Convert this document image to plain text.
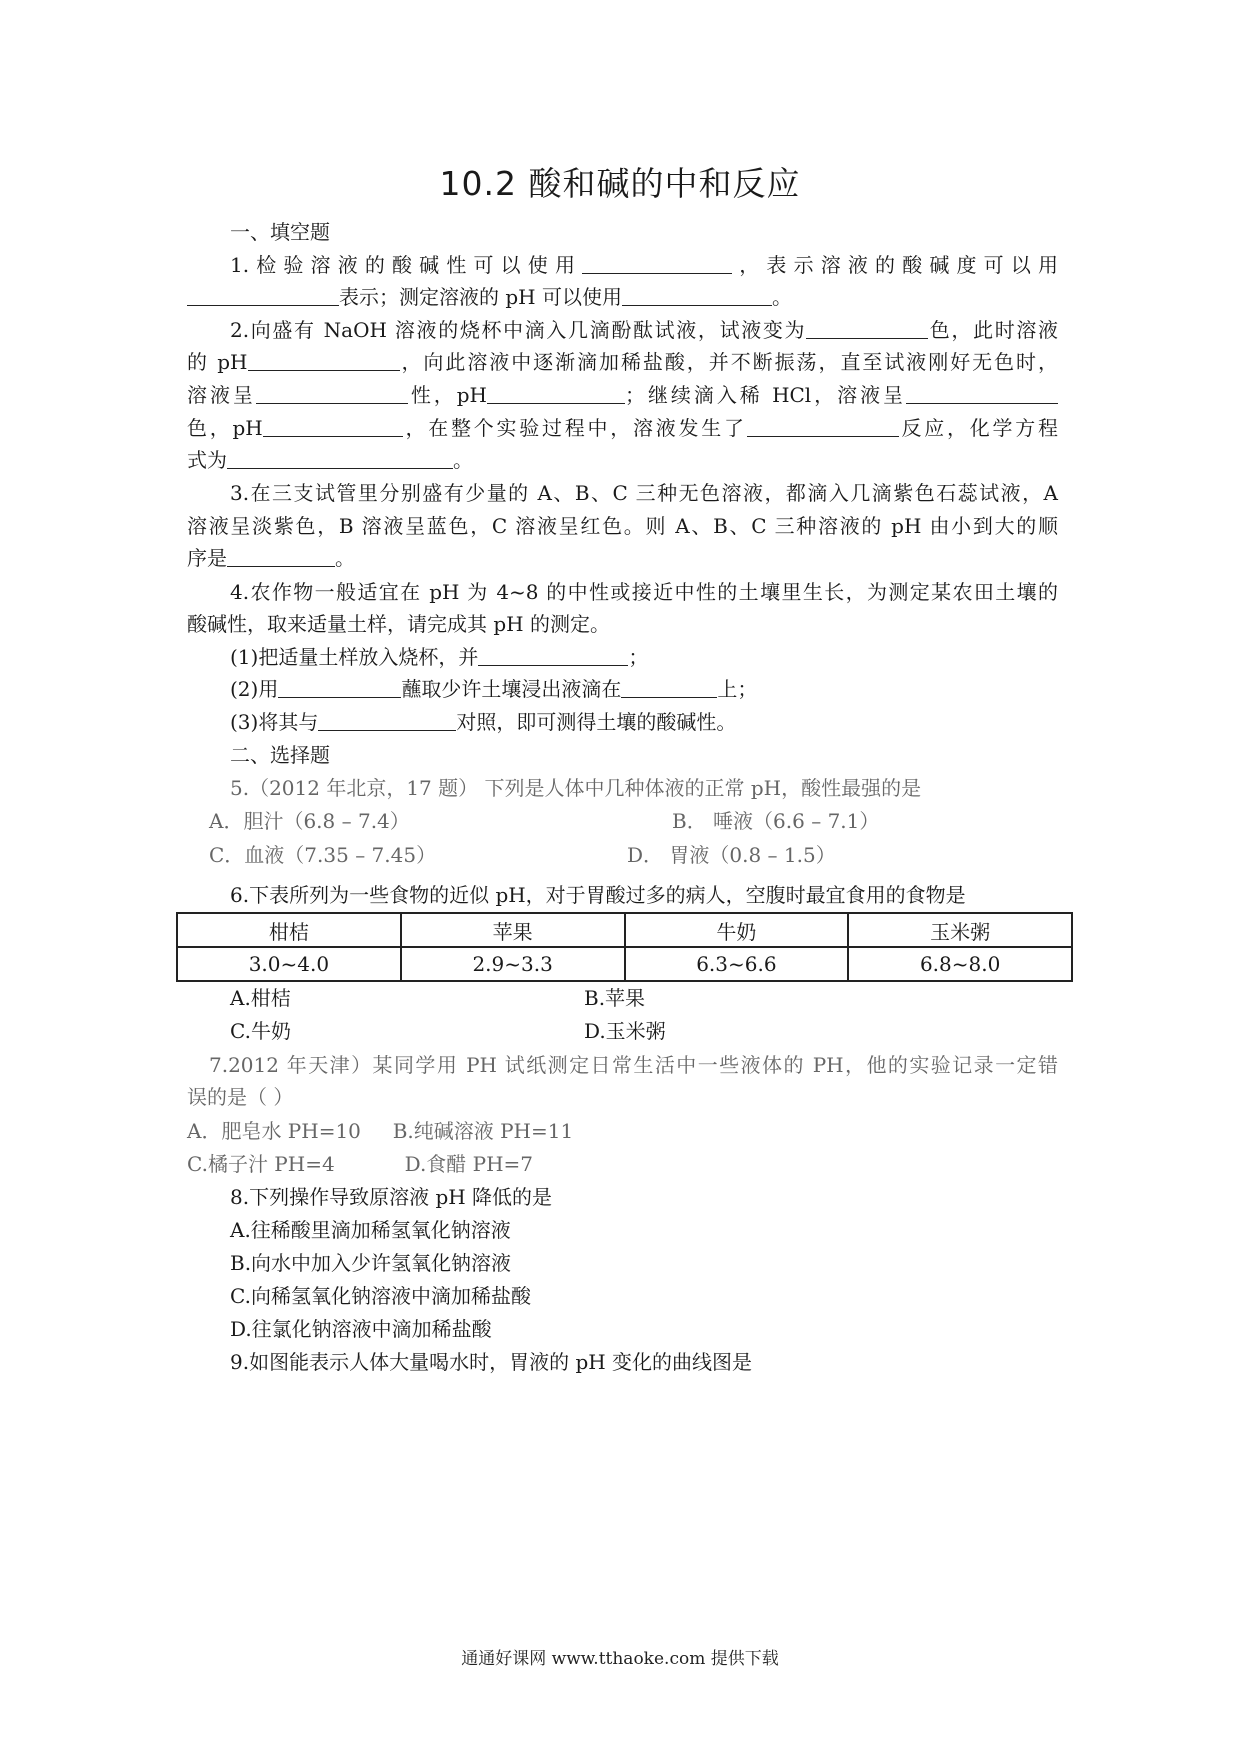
10.2 酸和碱的中和反应
一、填空题
1.检验溶液的酸碱性可以使用	，表示溶液的酸碱度可以用
表示；测定溶液的 pH 可以使用	。
2.向盛有 NaOH 溶液的烧杯中滴入几滴酚酞试液，试液变为	色，此时溶液
的 pH	，向此溶液中逐渐滴加稀盐酸，并不断振荡，直至试液刚好无色时，
溶液呈	性，pH	；继续滴入稀 HCl，溶液呈
色，pH	，在整个实验过程中，溶液发生了	反应，化学方程
式为	。
3.在三支试管里分别盛有少量的 A、B、C 三种无色溶液，都滴入几滴紫色石蕊试液，A
溶液呈淡紫色，B 溶液呈蓝色，C 溶液呈红色。则 A、B、C 三种溶液的 pH 由小到大的顺
序是	。
4.农作物一般适宜在 pH 为 4~8 的中性或接近中性的土壤里生长，为测定某农田土壤的
酸碱性，取来适量土样，请完成其 pH 的测定。
(1)把适量土样放入烧杯，并	；
(2)用	蘸取少许土壤浸出液滴在	上；
(3)将其与	对照，即可测得土壤的酸碱性。
二、选择题
5.（2012 年北京，17 题） 下列是人体中几种体液的正常 pH，酸性最强的是
A．胆汁（6.8 – 7.4）	B． 唾液（6.6 – 7.1）
C．血液（7.35 – 7.45）	D． 胃液（0.8 – 1.5）
6.下表所列为一些食物的近似 pH，对于胃酸过多的病人，空腹时最宜食用的食物是
柑桔	苹果	牛奶	玉米粥
3.0~4.0	2.9~3.3	6.3~6.6	6.8~8.0
A.柑桔	B.苹果
C.牛奶	D.玉米粥
7.2012 年天津）某同学用 PH 试纸测定日常生活中一些液体的 PH，他的实验记录一定错
误的是（ ）
A．肥皂水 PH=10     B.纯碱溶液 PH=11
C.橘子汁 PH=4           D.食醋 PH=7
8.下列操作导致原溶液 pH 降低的是
A.往稀酸里滴加稀氢氧化钠溶液
B.向水中加入少许氢氧化钠溶液
C.向稀氢氧化钠溶液中滴加稀盐酸
D.往氯化钠溶液中滴加稀盐酸
9.如图能表示人体大量喝水时，胃液的 pH 变化的曲线图是
通通好课网 www.tthaoke.com 提供下载
